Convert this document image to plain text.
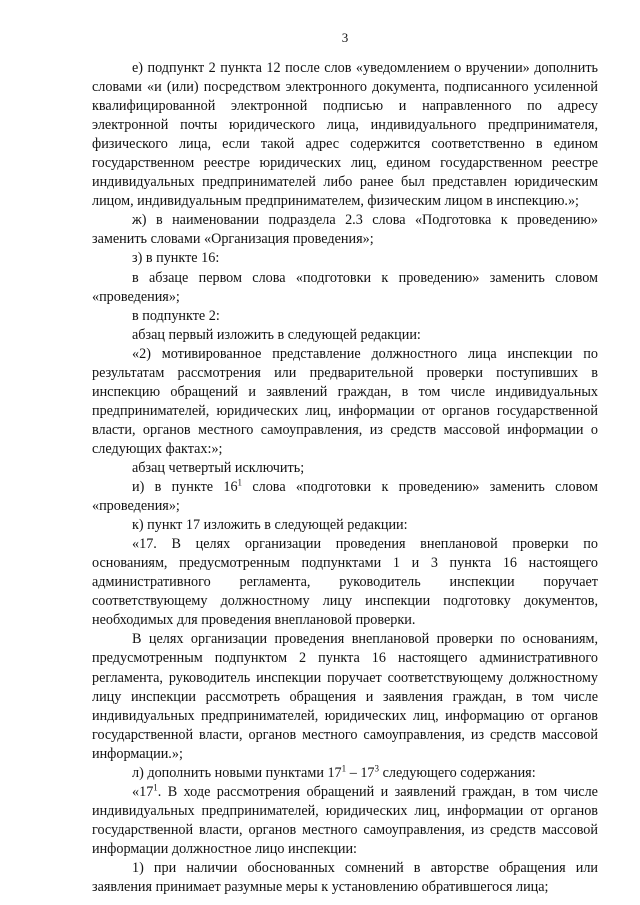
3

е) подпункт 2 пункта 12 после слов «уведомлением о вручении» дополнить словами «и (или) посредством электронного документа, подписанного усиленной квалифицированной электронной подписью и направленного по адресу электронной почты юридического лица, индивидуального предпринимателя, физического лица, если такой адрес содержится соответственно в едином государственном реестре юридических лиц, едином государственном реестре индивидуальных предпринимателей либо ранее был представлен юридическим лицом, индивидуальным предпринимателем, физическим лицом в инспекцию.»;

ж) в наименовании подраздела 2.3 слова «Подготовка к проведению» заменить словами «Организация проведения»;

з) в пункте 16:

в абзаце первом слова «подготовки к проведению» заменить словом «проведения»;

в подпункте 2:

абзац первый изложить в следующей редакции:

«2) мотивированное представление должностного лица инспекции по результатам рассмотрения или предварительной проверки поступивших в инспекцию обращений и заявлений граждан, в том числе индивидуальных предпринимателей, юридических лиц, информации от органов государственной власти, органов местного самоуправления, из средств массовой информации о следующих фактах:»;

абзац четвертый исключить;

и) в пункте $16^1$ слова «подготовки к проведению» заменить словом «проведения»;

к) пункт 17 изложить в следующей редакции:

«17. В целях организации проведения внеплановой проверки по основаниям, предусмотренным подпунктами 1 и 3 пункта 16 настоящего административного регламента, руководитель инспекции поручает соответствующему должностному лицу инспекции подготовку документов, необходимых для проведения внеплановой проверки.

В целях организации проведения внеплановой проверки по основаниям, предусмотренным подпунктом 2 пункта 16 настоящего административного регламента, руководитель инспекции поручает соответствующему должностному лицу инспекции рассмотреть обращения и заявления граждан, в том числе индивидуальных предпринимателей, юридических лиц, информацию от органов государственной власти, органов местного самоуправления, из средств массовой информации.»;

л) дополнить новыми пунктами $17^1 - 17^3$ следующего содержания:

«$17^1$. В ходе рассмотрения обращений и заявлений граждан, в том числе индивидуальных предпринимателей, юридических лиц, информации от органов государственной власти, органов местного самоуправления, из средств массовой информации должностное лицо инспекции:

1) при наличии обоснованных сомнений в авторстве обращения или заявления принимает разумные меры к установлению обратившегося лица;
